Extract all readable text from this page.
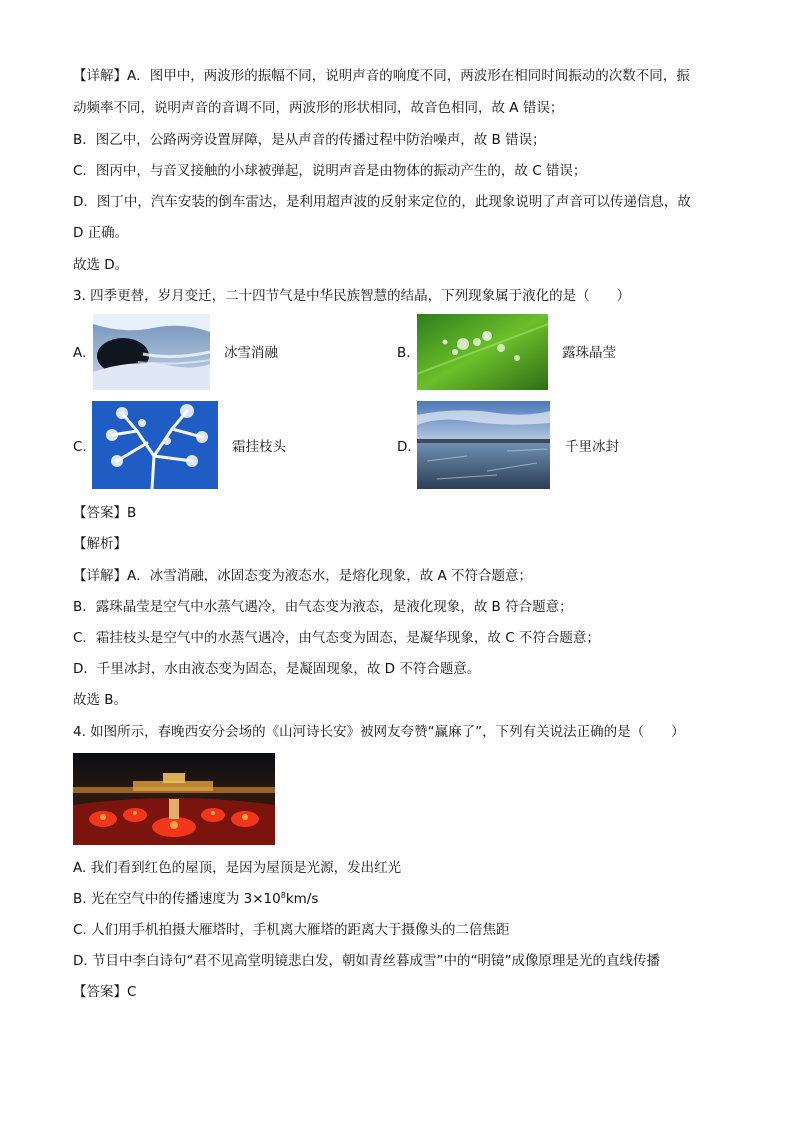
【详解】A．图甲中，两波形的振幅不同，说明声音的响度不同，两波形在相同时间振动的次数不同，振
动频率不同，说明声音的音调不同，两波形的形状相同，故音色相同，故 A 错误；
B．图乙中，公路两旁设置屏障，是从声音的传播过程中防治噪声，故 B 错误；
C．图丙中，与音叉接触的小球被弹起，说明声音是由物体的振动产生的，故 C 错误；
D．图丁中，汽车安装的倒车雷达，是利用超声波的反射来定位的，此现象说明了声音可以传递信息，故
D 正确。
故选 D。
3. 四季更替，岁月变迁，二十四节气是中华民族智慧的结晶，下列现象属于液化的是（　　）
A.	冰雪消融	B.	露珠晶莹
C.	霜挂枝头	D.	千里冰封
【答案】B
【解析】
【详解】A．冰雪消融，冰固态变为液态水，是熔化现象，故 A 不符合题意；
B．露珠晶莹是空气中水蒸气遇冷，由气态变为液态，是液化现象，故 B 符合题意；
C．霜挂枝头是空气中的水蒸气遇冷，由气态变为固态，是凝华现象，故 C 不符合题意；
D．千里冰封，水由液态变为固态，是凝固现象，故 D 不符合题意。
故选 B。
4. 如图所示，春晚西安分会场的《山河诗长安》被网友夸赞“赢麻了”，下列有关说法正确的是（　　）
A. 我们看到红色的屋顶，是因为屋顶是光源，发出红光
B. 光在空气中的传播速度为 $3\times 10^8km/s$
C. 人们用手机拍摄大雁塔时，手机离大雁塔的距离大于摄像头的二倍焦距
D. 节目中李白诗句“君不见高堂明镜悲白发，朝如青丝暮成雪”中的“明镜”成像原理是光的直线传播
【答案】C
